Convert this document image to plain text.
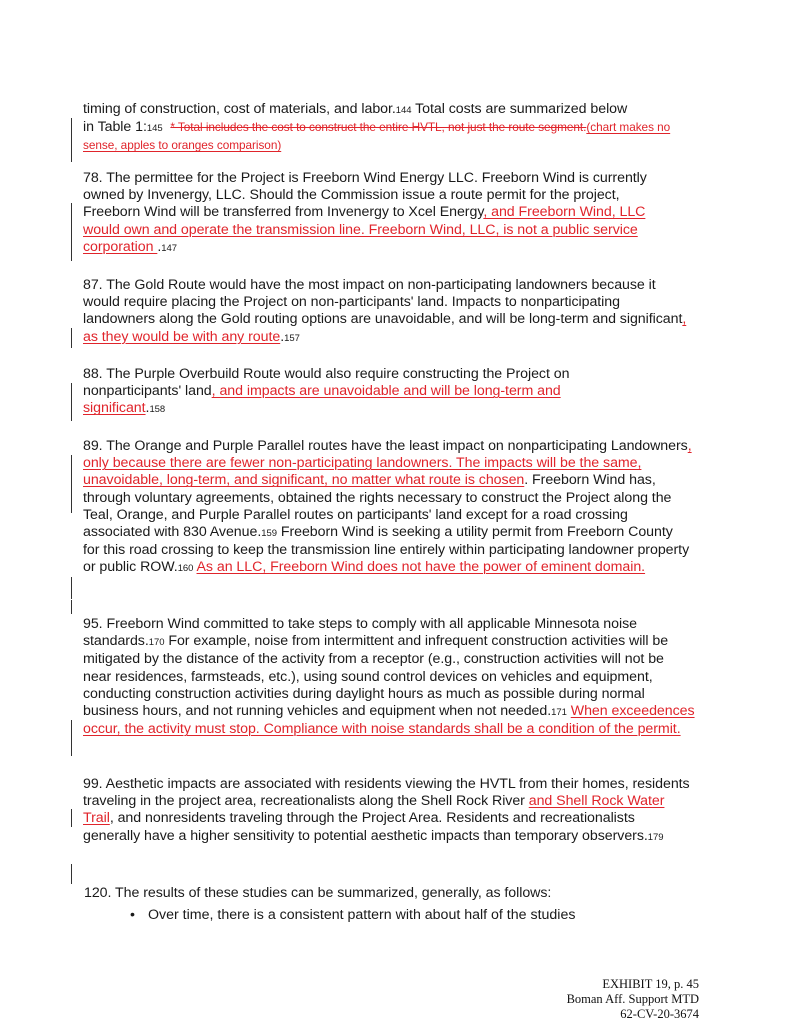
timing of construction, cost of materials, and labor.144 Total costs are summarized below
in Table 1:145 * Total includes the cost to construct the entire HVTL, not just the route segment.(chart makes no sense, apples to oranges comparison)
78. The permittee for the Project is Freeborn Wind Energy LLC. Freeborn Wind is currently owned by Invenergy, LLC. Should the Commission issue a route permit for the project, Freeborn Wind will be transferred from Invenergy to Xcel Energy, and Freeborn Wind, LLC would own and operate the transmission line. Freeborn Wind, LLC, is not a public service corporation .147
87. The Gold Route would have the most impact on non-participating landowners because it would require placing the Project on non-participants' land. Impacts to nonparticipating landowners along the Gold routing options are unavoidable, and will be long-term and significant, as they would be with any route.157
88. The Purple Overbuild Route would also require constructing the Project on nonparticipants' land, and impacts are unavoidable and will be long-term and significant.158
89. The Orange and Purple Parallel routes have the least impact on nonparticipating Landowners, only because there are fewer non-participating landowners. The impacts will be the same, unavoidable, long-term, and significant, no matter what route is chosen. Freeborn Wind has, through voluntary agreements, obtained the rights necessary to construct the Project along the Teal, Orange, and Purple Parallel routes on participants' land except for a road crossing associated with 830 Avenue.159 Freeborn Wind is seeking a utility permit from Freeborn County for this road crossing to keep the transmission line entirely within participating landowner property or public ROW.160 As an LLC, Freeborn Wind does not have the power of eminent domain.
95. Freeborn Wind committed to take steps to comply with all applicable Minnesota noise standards.170 For example, noise from intermittent and infrequent construction activities will be mitigated by the distance of the activity from a receptor (e.g., construction activities will not be near residences, farmsteads, etc.), using sound control devices on vehicles and equipment, conducting construction activities during daylight hours as much as possible during normal business hours, and not running vehicles and equipment when not needed.171 When exceedences occur, the activity must stop. Compliance with noise standards shall be a condition of the permit.
99. Aesthetic impacts are associated with residents viewing the HVTL from their homes, residents traveling in the project area, recreationalists along the Shell Rock River and Shell Rock Water Trail, and nonresidents traveling through the Project Area. Residents and recreationalists generally have a higher sensitivity to potential aesthetic impacts than temporary observers.179
120. The results of these studies can be summarized, generally, as follows:
• Over time, there is a consistent pattern with about half of the studies
EXHIBIT 19, p. 45
Boman Aff. Support MTD
62-CV-20-3674
